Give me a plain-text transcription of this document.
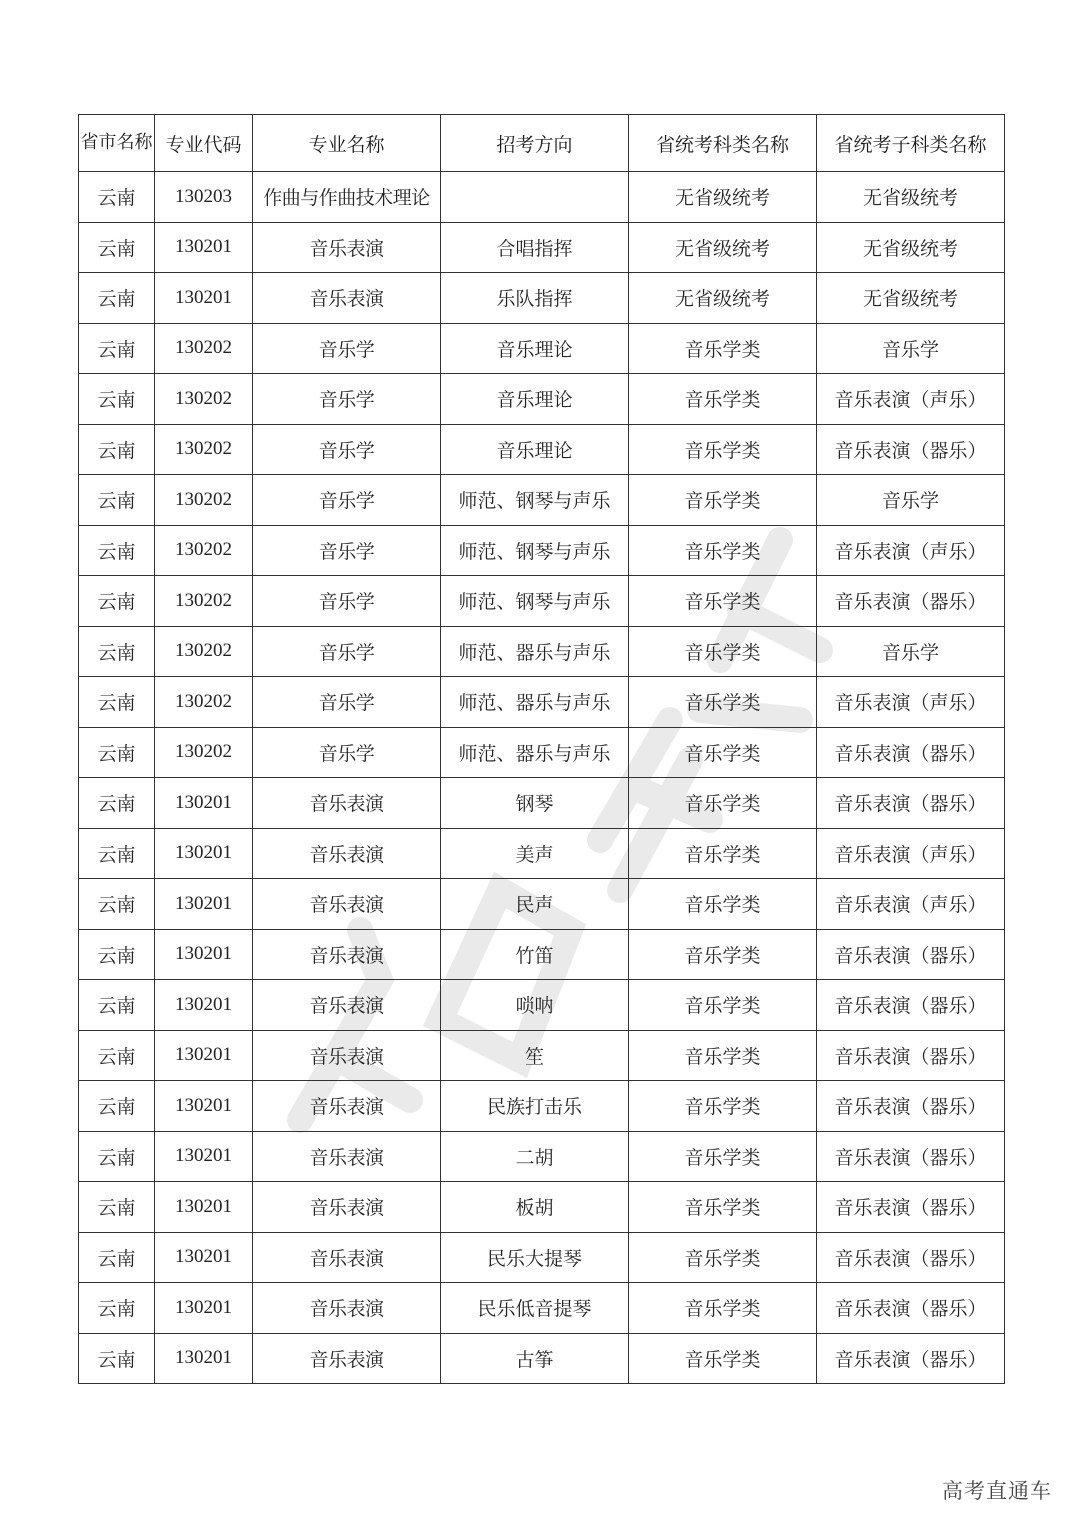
省市名称	专业代码	专业名称	招考方向	省统考科类名称	省统考子科类名称
云南	130203	作曲与作曲技术理论		无省级统考	无省级统考
云南	130201	音乐表演	合唱指挥	无省级统考	无省级统考
云南	130201	音乐表演	乐队指挥	无省级统考	无省级统考
云南	130202	音乐学	音乐理论	音乐学类	音乐学
云南	130202	音乐学	音乐理论	音乐学类	音乐表演（声乐）
云南	130202	音乐学	音乐理论	音乐学类	音乐表演（器乐）
云南	130202	音乐学	师范、钢琴与声乐	音乐学类	音乐学
云南	130202	音乐学	师范、钢琴与声乐	音乐学类	音乐表演（声乐）
云南	130202	音乐学	师范、钢琴与声乐	音乐学类	音乐表演（器乐）
云南	130202	音乐学	师范、器乐与声乐	音乐学类	音乐学
云南	130202	音乐学	师范、器乐与声乐	音乐学类	音乐表演（声乐）
云南	130202	音乐学	师范、器乐与声乐	音乐学类	音乐表演（器乐）
云南	130201	音乐表演	钢琴	音乐学类	音乐表演（器乐）
云南	130201	音乐表演	美声	音乐学类	音乐表演（声乐）
云南	130201	音乐表演	民声	音乐学类	音乐表演（声乐）
云南	130201	音乐表演	竹笛	音乐学类	音乐表演（器乐）
云南	130201	音乐表演	唢呐	音乐学类	音乐表演（器乐）
云南	130201	音乐表演	笙	音乐学类	音乐表演（器乐）
云南	130201	音乐表演	民族打击乐	音乐学类	音乐表演（器乐）
云南	130201	音乐表演	二胡	音乐学类	音乐表演（器乐）
云南	130201	音乐表演	板胡	音乐学类	音乐表演（器乐）
云南	130201	音乐表演	民乐大提琴	音乐学类	音乐表演（器乐）
云南	130201	音乐表演	民乐低音提琴	音乐学类	音乐表演（器乐）
云南	130201	音乐表演	古筝	音乐学类	音乐表演（器乐）
高考直通车
